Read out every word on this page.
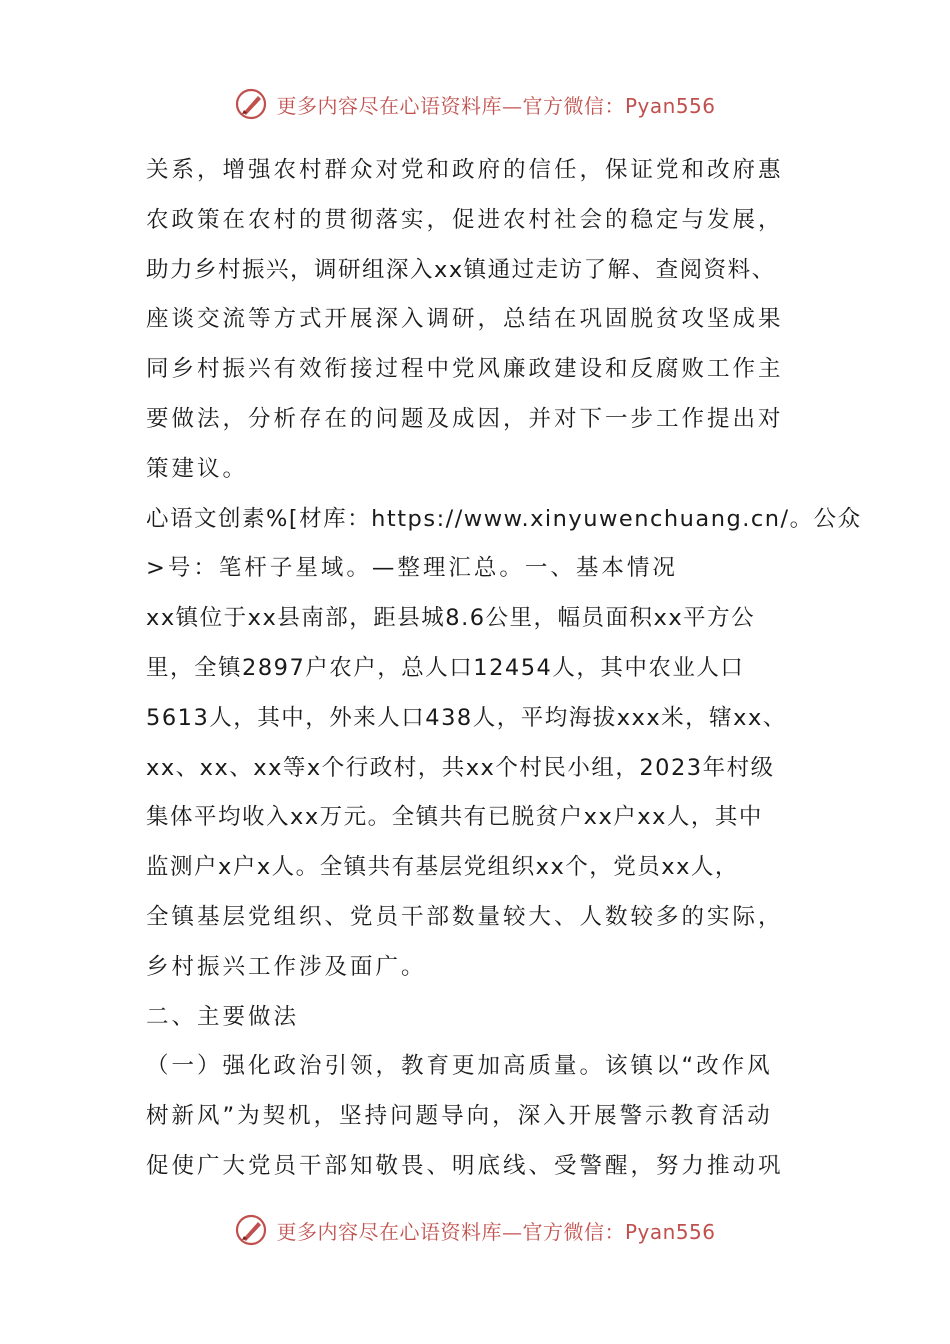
更多内容尽在心语资料库—官方微信：Pyan556
关系，增强农村群众对党和政府的信任，保证党和改府惠
农政策在农村的贯彻落实，促进农村社会的稳定与发展，
助力乡村振兴，调研组深入xx镇通过走访了解、查阅资料、
座谈交流等方式开展深入调研，总结在巩固脱贫攻坚成果
同乡村振兴有效衔接过程中党风廉政建设和反腐败工作主
要做法，分析存在的问题及成因，并对下一步工作提出对
策建议。
心语文创素%[材库：https://www.xinyuwenchuang.cn/。公众
>号：笔杆子星域。—整理汇总。一、基本情况
xx镇位于xx县南部，距县城8.6公里，幅员面积xx平方公
里，全镇2897户农户，总人口12454人，其中农业人口
5613人，其中，外来人口438人，平均海拔xxx米，辖xx、
xx、xx、xx等x个行政村，共xx个村民小组，2023年村级
集体平均收入xx万元。全镇共有已脱贫户xx户xx人，其中
监测户x户x人。全镇共有基层党组织xx个，党员xx人，
全镇基层党组织、党员干部数量较大、人数较多的实际，
乡村振兴工作涉及面广。
二、主要做法
（一）强化政治引领，教育更加高质量。该镇以“改作风
树新风”为契机，坚持问题导向，深入开展警示教育活动
促使广大党员干部知敬畏、明底线、受警醒，努力推动巩
更多内容尽在心语资料库—官方微信：Pyan556
